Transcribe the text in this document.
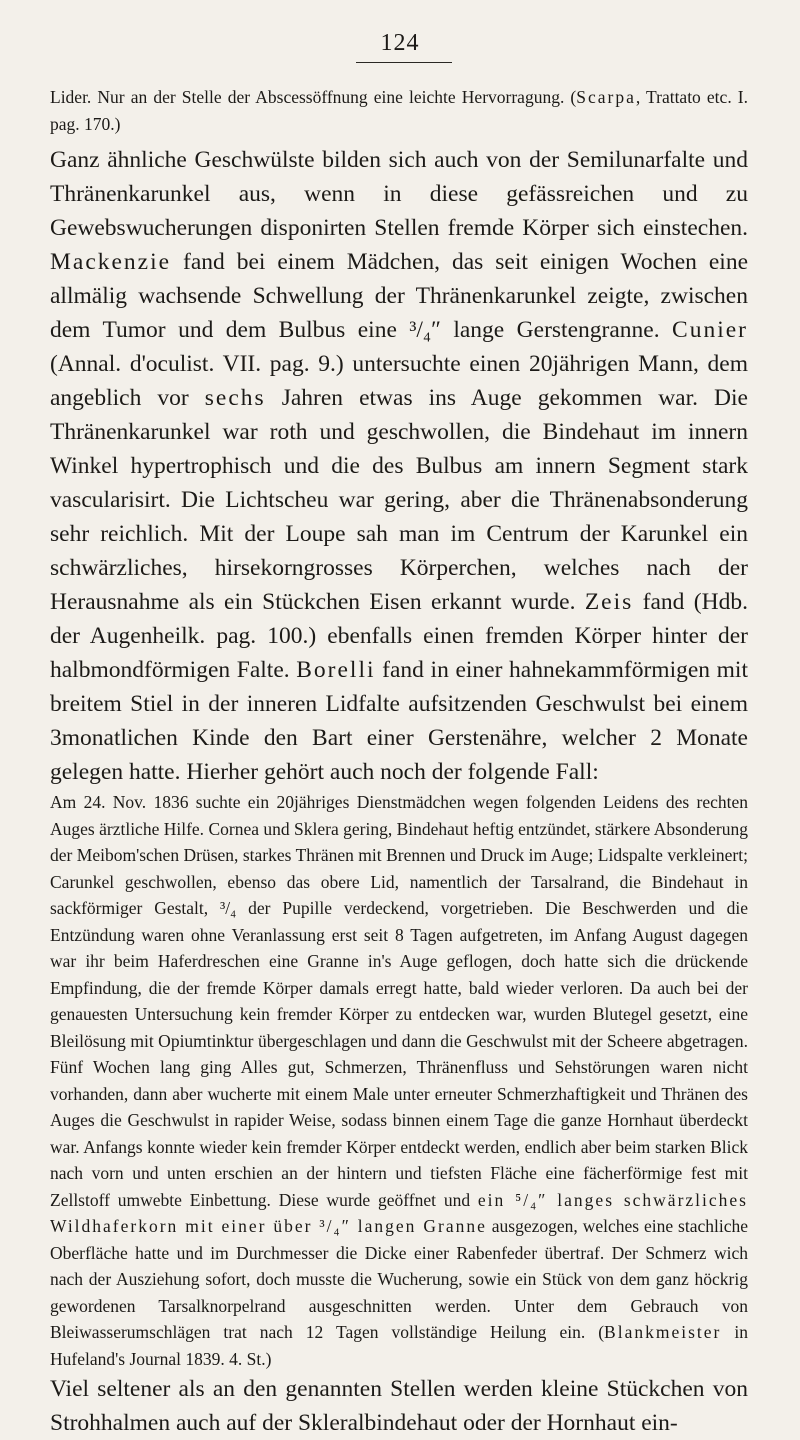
124

Lider. Nur an der Stelle der Abscessöffnung eine leichte Hervorragung. (Scarpa, Trattato etc. I. pag. 170.)

Ganz ähnliche Geschwülste bilden sich auch von der Semilunarfalte und Thränenkarunkel aus, wenn in diese gefässreichen und zu Gewebswucherungen disponirten Stellen fremde Körper sich einstechen. Mackenzie fand bei einem Mädchen, das seit einigen Wochen eine allmälig wachsende Schwellung der Thränenkarunkel zeigte, zwischen dem Tumor und dem Bulbus eine ³/₄″ lange Gerstengranne. Cunier (Annal. d'oculist. VII. pag. 9.) untersuchte einen 20jährigen Mann, dem angeblich vor sechs Jahren etwas ins Auge gekommen war. Die Thränenkarunkel war roth und geschwollen, die Bindehaut im innern Winkel hypertrophisch und die des Bulbus am innern Segment stark vascularisirt. Die Lichtscheu war gering, aber die Thränenabsonderung sehr reichlich. Mit der Loupe sah man im Centrum der Karunkel ein schwärzliches, hirsekorngrosses Körperchen, welches nach der Herausnahme als ein Stückchen Eisen erkannt wurde. Zeis fand (Hdb. der Augenheilk. pag. 100.) ebenfalls einen fremden Körper hinter der halbmondförmigen Falte. Borelli fand in einer hahnekammförmigen mit breitem Stiel in der inneren Lidfalte aufsitzenden Geschwulst bei einem 3monatlichen Kinde den Bart einer Gerstenähre, welcher 2 Monate gelegen hatte. Hierher gehört auch noch der folgende Fall:

Am 24. Nov. 1836 suchte ein 20jähriges Dienstmädchen wegen folgenden Leidens des rechten Auges ärztliche Hilfe. Cornea und Sklera gering, Bindehaut heftig entzündet, stärkere Absonderung der Meibom'schen Drüsen, starkes Thränen mit Brennen und Druck im Auge; Lidspalte verkleinert; Carunkel geschwollen, ebenso das obere Lid, namentlich der Tarsalrand, die Bindehaut in sackförmiger Gestalt, ³/₄ der Pupille verdeckend, vorgetrieben. Die Beschwerden und die Entzündung waren ohne Veranlassung erst seit 8 Tagen aufgetreten, im Anfang August dagegen war ihr beim Haferdreschen eine Granne in's Auge geflogen, doch hatte sich die drückende Empfindung, die der fremde Körper damals erregt hatte, bald wieder verloren. Da auch bei der genauesten Untersuchung kein fremder Körper zu entdecken war, wurden Blutegel gesetzt, eine Bleilösung mit Opiumtinktur übergeschlagen und dann die Geschwulst mit der Scheere abgetragen. Fünf Wochen lang ging Alles gut, Schmerzen, Thränenfluss und Sehstörungen waren nicht vorhanden, dann aber wucherte mit einem Male unter erneuter Schmerzhaftigkeit und Thränen des Auges die Geschwulst in rapider Weise, sodass binnen einem Tage die ganze Hornhaut überdeckt war. Anfangs konnte wieder kein fremder Körper entdeckt werden, endlich aber beim starken Blick nach vorn und unten erschien an der hintern und tiefsten Fläche eine fächerförmige fest mit Zellstoff umwebte Einbettung. Diese wurde geöffnet und ein ⁵/₄″ langes schwärzliches Wildhaferkorn mit einer über ³/₄″ langen Granne ausgezogen, welches eine stachliche Oberfläche hatte und im Durchmesser die Dicke einer Rabenfeder übertraf. Der Schmerz wich nach der Ausziehung sofort, doch musste die Wucherung, sowie ein Stück von dem ganz höckrig gewordenen Tarsalknorpelrand ausgeschnitten werden. Unter dem Gebrauch von Bleiwasserumschlägen trat nach 12 Tagen vollständige Heilung ein. (Blankmeister in Hufeland's Journal 1839. 4. St.)

Viel seltener als an den genannten Stellen werden kleine Stückchen von Strohhalmen auch auf der Skleralbindehaut oder der Hornhaut ein-
